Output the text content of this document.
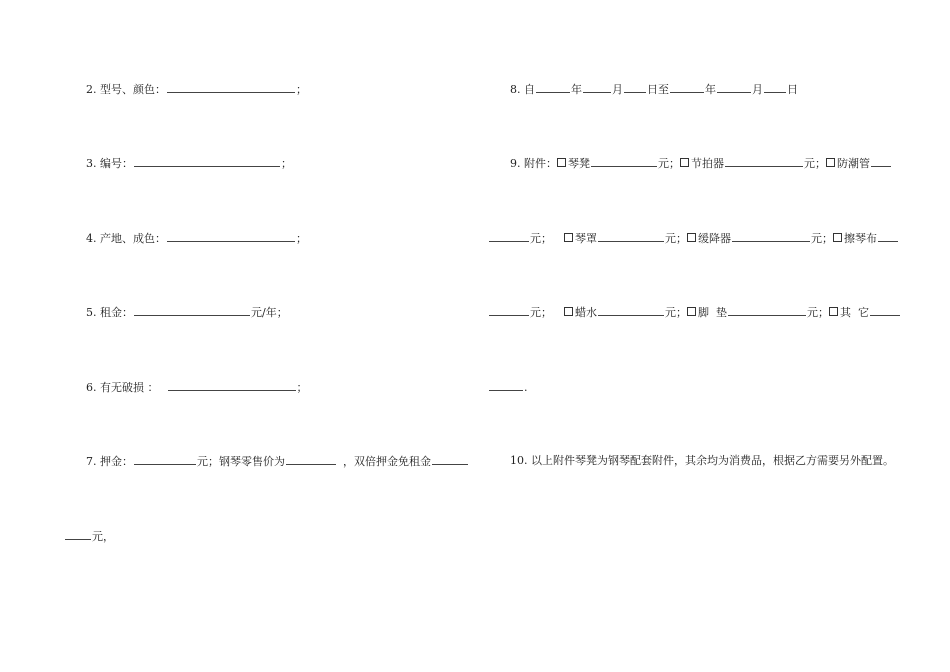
2. 型号、颜色：	；
3. 编号：	；
4. 产地、成色：	；
5. 租金：	元/年；
6. 有无破损 ：	；
7. 押金：	元；钢琴零售价为	，双倍押金免租金
元，
8. 自	年	月 日至	年	月 日
9. 附件： 琴凳	元； 节拍器	元； 防潮管
元； 琴罩	元； 缓降器	元； 擦琴布
元； 蜡水	元； 脚  垫	元； 其  它
.
10. 以上附件琴凳为钢琴配套附件，其余均为消费品，根据乙方需要另外配置。
